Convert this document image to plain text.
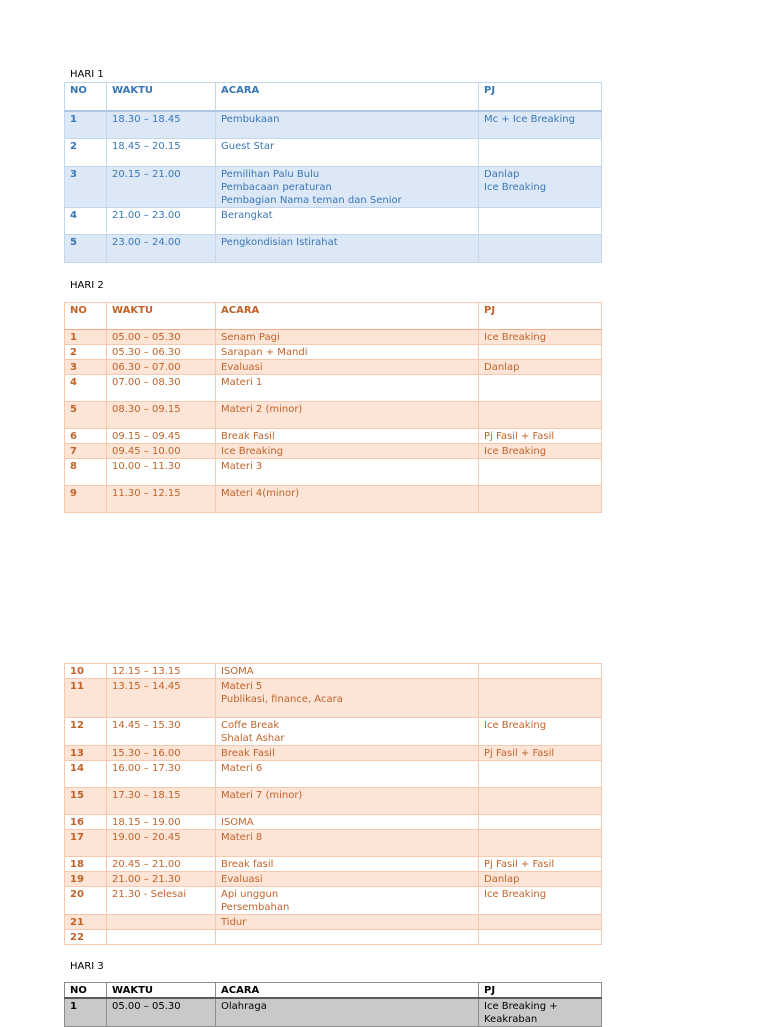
HARI 1
NO	WAKTU	ACARA	PJ
1	18.30 – 18.45	Pembukaan	Mc + Ice Breaking
2	18.45 – 20.15	Guest Star	
3	20.15 – 21.00	Pemilihan Palu Bulu
Pembacaan peraturan
Pembagian Nama teman dan Senior	Danlap
Ice Breaking
4	21.00 – 23.00	Berangkat	
5	23.00 – 24.00	Pengkondisian Istirahat	
HARI 2
NO	WAKTU	ACARA	PJ
1	05.00 – 05.30	Senam Pagi	Ice Breaking
2	05.30 – 06.30	Sarapan + Mandi	
3	06.30 – 07.00	Evaluasi	Danlap
4	07.00 – 08.30	Materi 1	
5	08.30 – 09.15	Materi 2 (minor)	
6	09.15 – 09.45	Break Fasil	Pj Fasil + Fasil
7	09.45 – 10.00	Ice Breaking	Ice Breaking
8	10.00 – 11.30	Materi 3	
9	11.30 – 12.15	Materi 4(minor)	
10	12.15 – 13.15	ISOMA	
11	13.15 – 14.45	Materi 5
Publikasi, finance, Acara	
12	14.45 – 15.30	Coffe Break
Shalat Ashar	Ice Breaking
13	15.30 – 16.00	Break Fasil	Pj Fasil + Fasil
14	16.00 – 17.30	Materi 6	
15	17.30 – 18.15	Materi 7 (minor)	
16	18.15 – 19.00	ISOMA	
17	19.00 – 20.45	Materi 8	
18	20.45 – 21.00	Break fasil	Pj Fasil + Fasil
19	21.00 – 21.30	Evaluasi	Danlap
20	21.30 - Selesai	Api unggun
Persembahan	Ice Breaking
21		Tidur	
22			
HARI 3
NO	WAKTU	ACARA	PJ
1	05.00 – 05.30	Olahraga	Ice Breaking +
Keakraban
